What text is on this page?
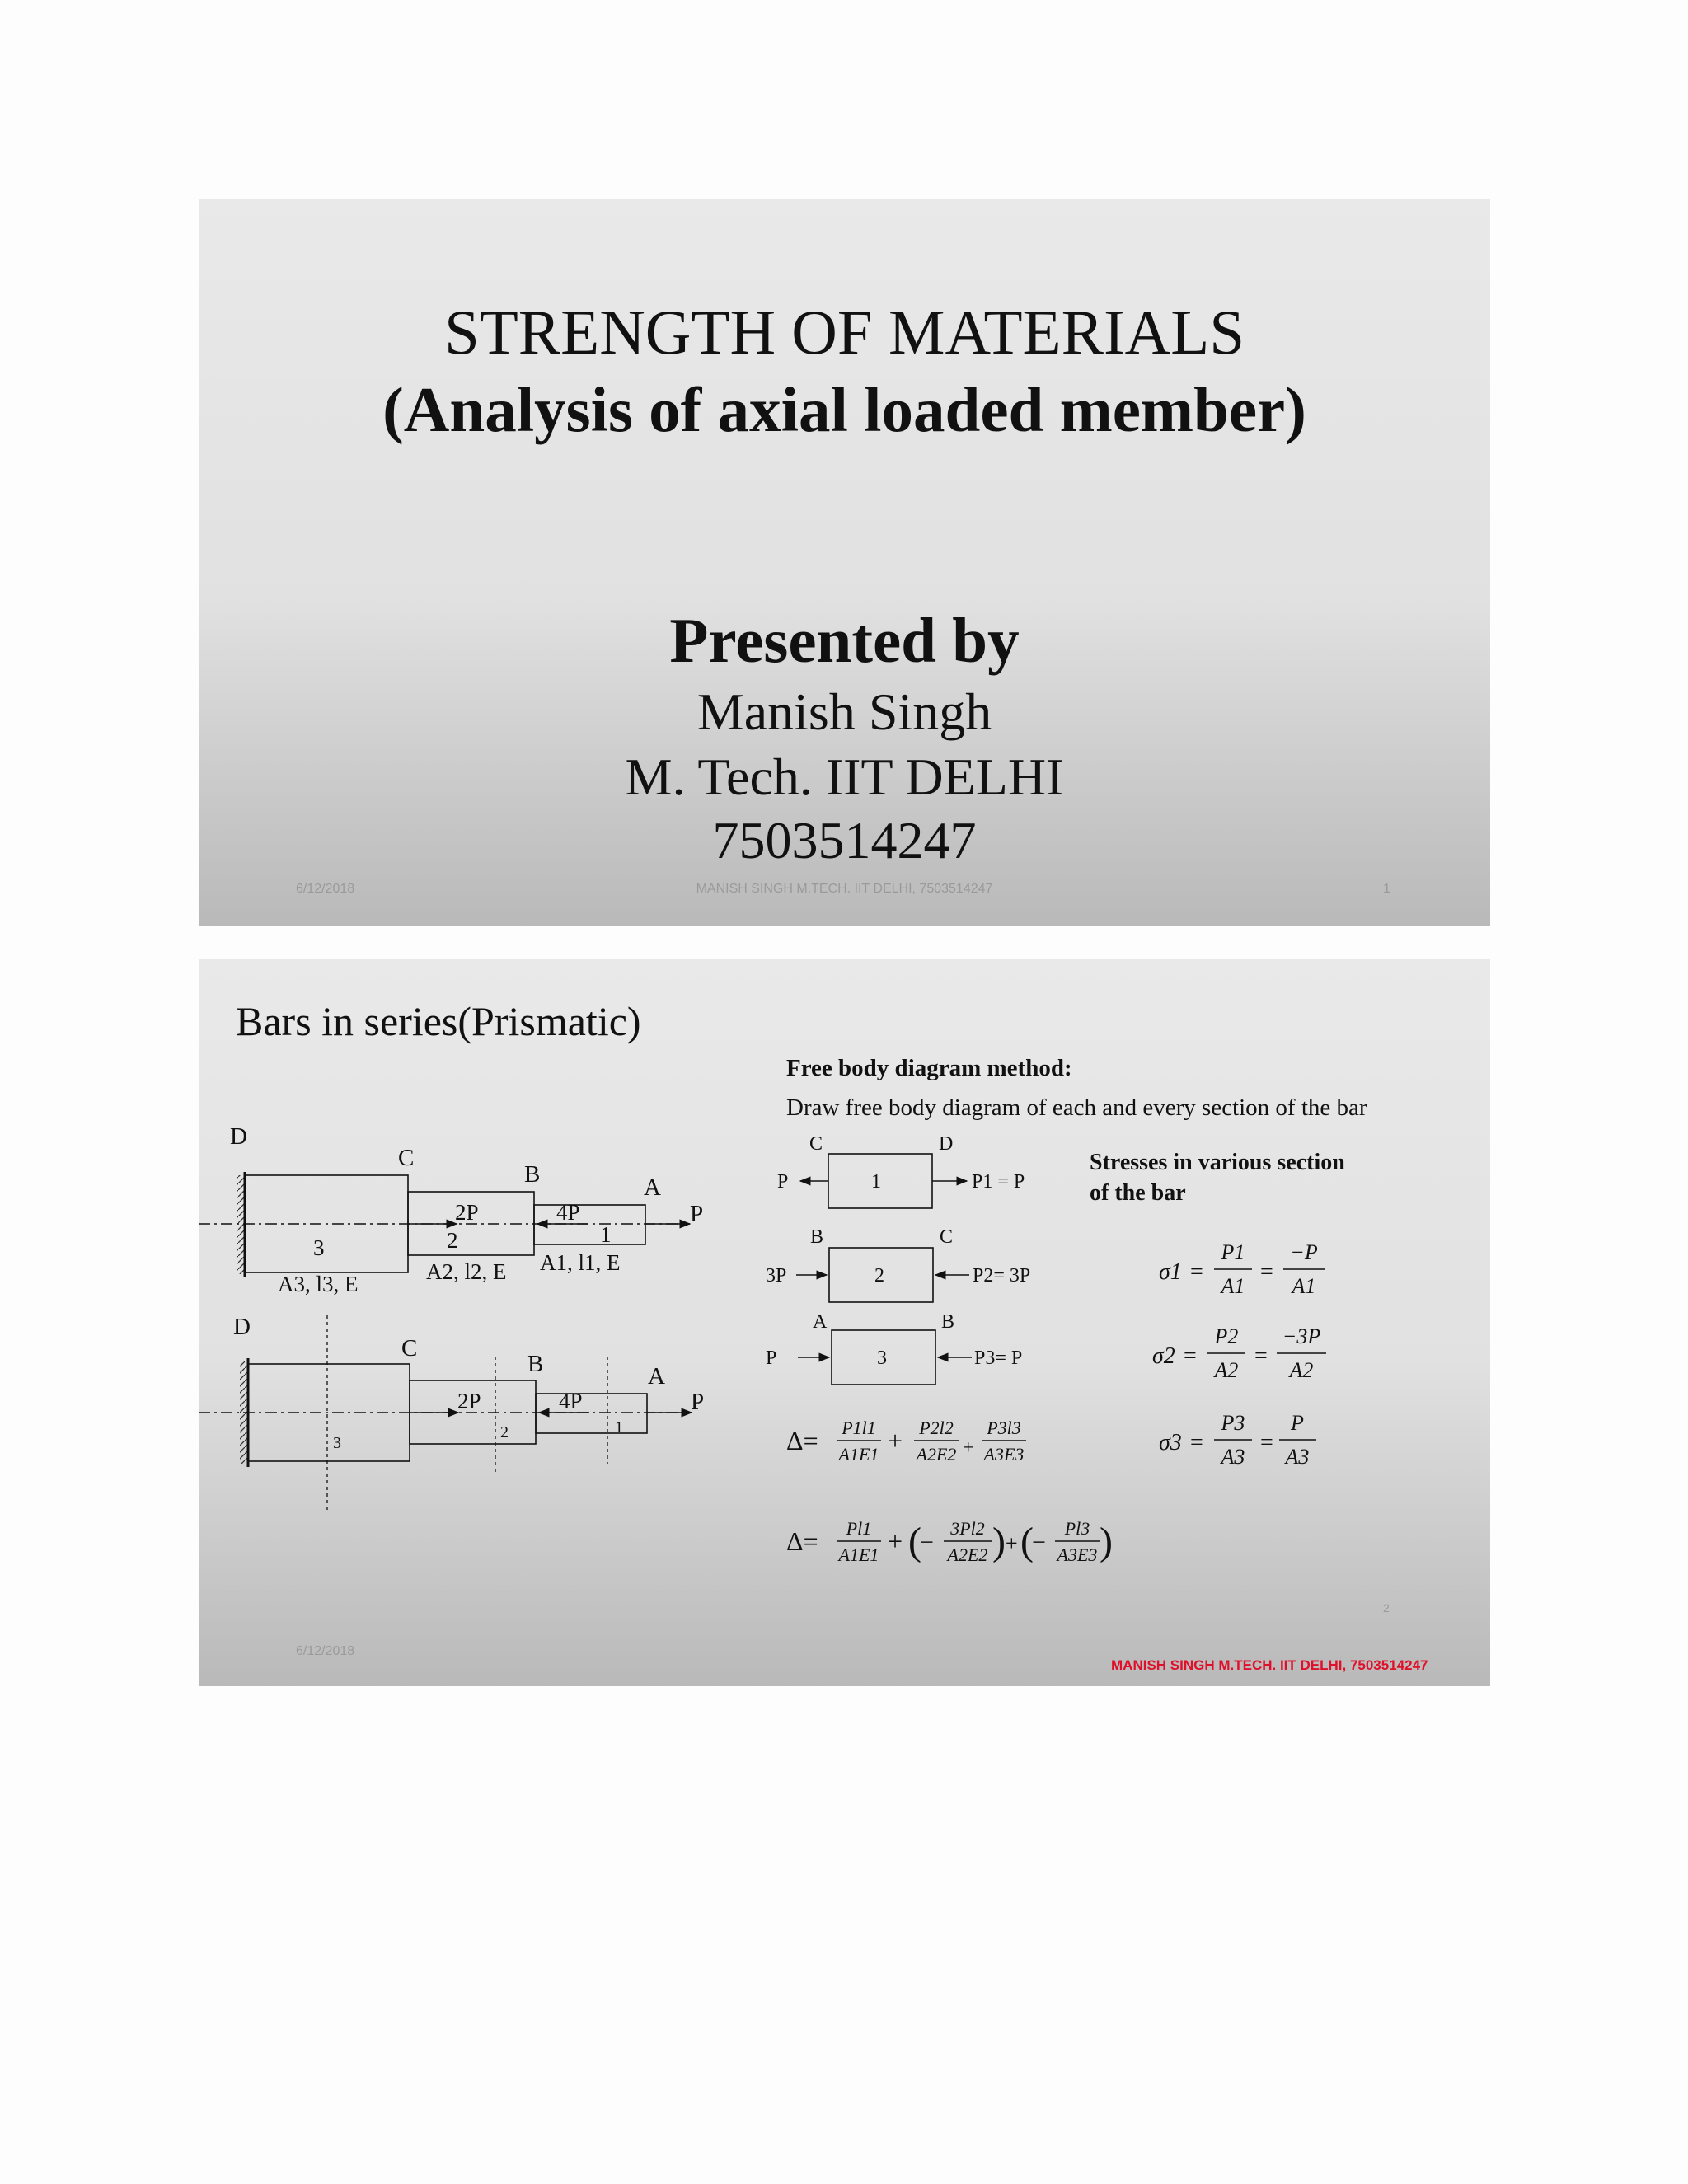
STRENGTH OF MATERIALS
(Analysis of axial loaded member)
Presented by
Manish Singh
M. Tech. IIT DELHI
7503514247
6/12/2018	MANISH SINGH M.TECH. IIT DELHI, 7503514247	1
Bars in series(Prismatic)
Free body diagram method:
Draw free body diagram of each and every section of the bar
Stresses in various section
of the bar
D
C
B	A
P
2P	4P
3	2	1
A3, l3, E	A2, l2, E A1, l1, E
D
C
B	A
P
2P	4P
3
2	1
C	D
1
P	P1 = P
B	C
2
3P	P2= 3P
A	B
3
P	P3= P
σ1 =
P1
A1
=
−P
A1
σ2 =
P2
A2
=
−3P
A2
σ3 =
P3
A3
=
P
A3
Δ= P1l1
A1E1 + P2l2
A2E2 +
P3l3
A3E3
Δ= Pl1
A1E1 + (
−
3Pl2
A2E2 ) + (
−
Pl3
A3E3 )
6/12/2018
2
MANISH SINGH M.TECH. IIT DELHI, 7503514247
